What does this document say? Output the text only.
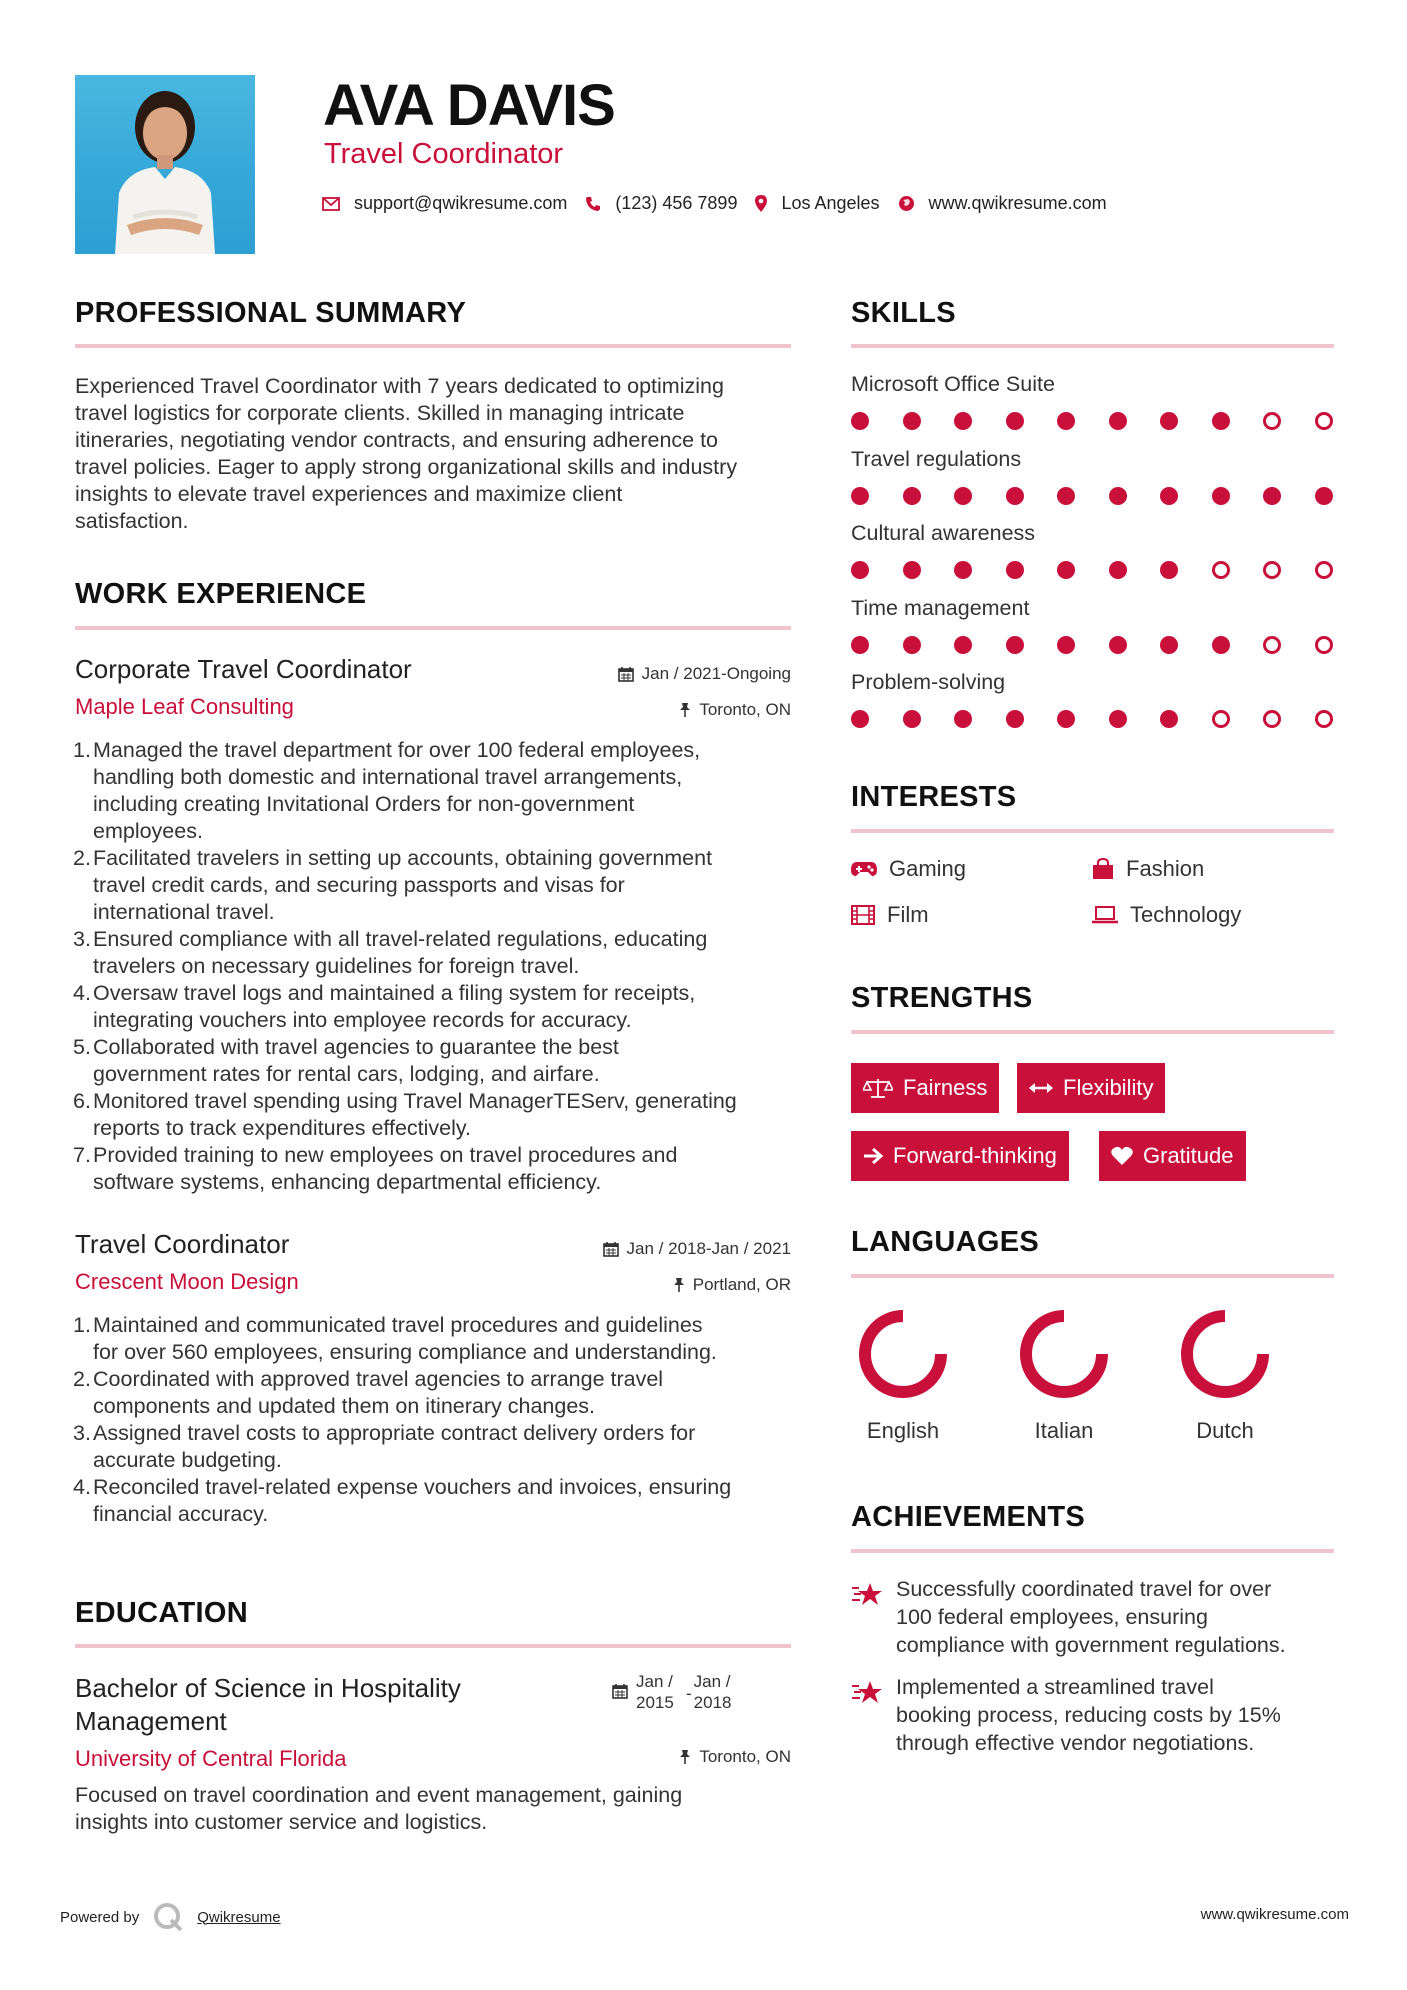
AVA DAVIS
Travel Coordinator
support@qwikresume.com	(123) 456 7899 Los Angeles	www.qwikresume.com
PROFESSIONAL SUMMARY
Experienced Travel Coordinator with 7 years dedicated to optimizing
travel logistics for corporate clients. Skilled in managing intricate
itineraries, negotiating vendor contracts, and ensuring adherence to
travel policies. Eager to apply strong organizational skills and industry
insights to elevate travel experiences and maximize client
satisfaction.
WORK EXPERIENCE
Corporate Travel Coordinator
Maple Leaf Consulting
Jan / 2021-Ongoing
Toronto, ON
Managed the travel department for over 100 federal employees,
handling both domestic and international travel arrangements,
including creating Invitational Orders for non-government
employees.
Facilitated travelers in setting up accounts, obtaining government
travel credit cards, and securing passports and visas for
international travel.
Ensured compliance with all travel-related regulations, educating
travelers on necessary guidelines for foreign travel.
Oversaw travel logs and maintained a filing system for receipts,
integrating vouchers into employee records for accuracy.
Collaborated with travel agencies to guarantee the best
government rates for rental cars, lodging, and airfare.
Monitored travel spending using Travel ManagerTEServ, generating
reports to track expenditures effectively.
Provided training to new employees on travel procedures and
software systems, enhancing departmental efficiency.
Travel Coordinator
Crescent Moon Design
Jan / 2018-Jan / 2021
Portland, OR
Maintained and communicated travel procedures and guidelines
for over 560 employees, ensuring compliance and understanding.
Coordinated with approved travel agencies to arrange travel
components and updated them on itinerary changes.
Assigned travel costs to appropriate contract delivery orders for
accurate budgeting.
Reconciled travel-related expense vouchers and invoices, ensuring
financial accuracy.
EDUCATION
Bachelor of Science in Hospitality
Management
University of Central Florida
Jan /
2015 -
Jan /
2018
Toronto, ON
Focused on travel coordination and event management, gaining
insights into customer service and logistics.
SKILLS
Microsoft Office Suite
Travel regulations
Cultural awareness
Time management
Problem-solving
INTERESTS
Gaming	Fashion
Film	Technology
STRENGTHS
Fairness	Flexibility
Forward-thinking	Gratitude
LANGUAGES
English	Italian	Dutch
ACHIEVEMENTS
Successfully coordinated travel for over
100 federal employees, ensuring
compliance with government regulations.
Implemented a streamlined travel
booking process, reducing costs by 15%
through effective vendor negotiations.
Powered by	Qwikresume	www.qwikresume.com
